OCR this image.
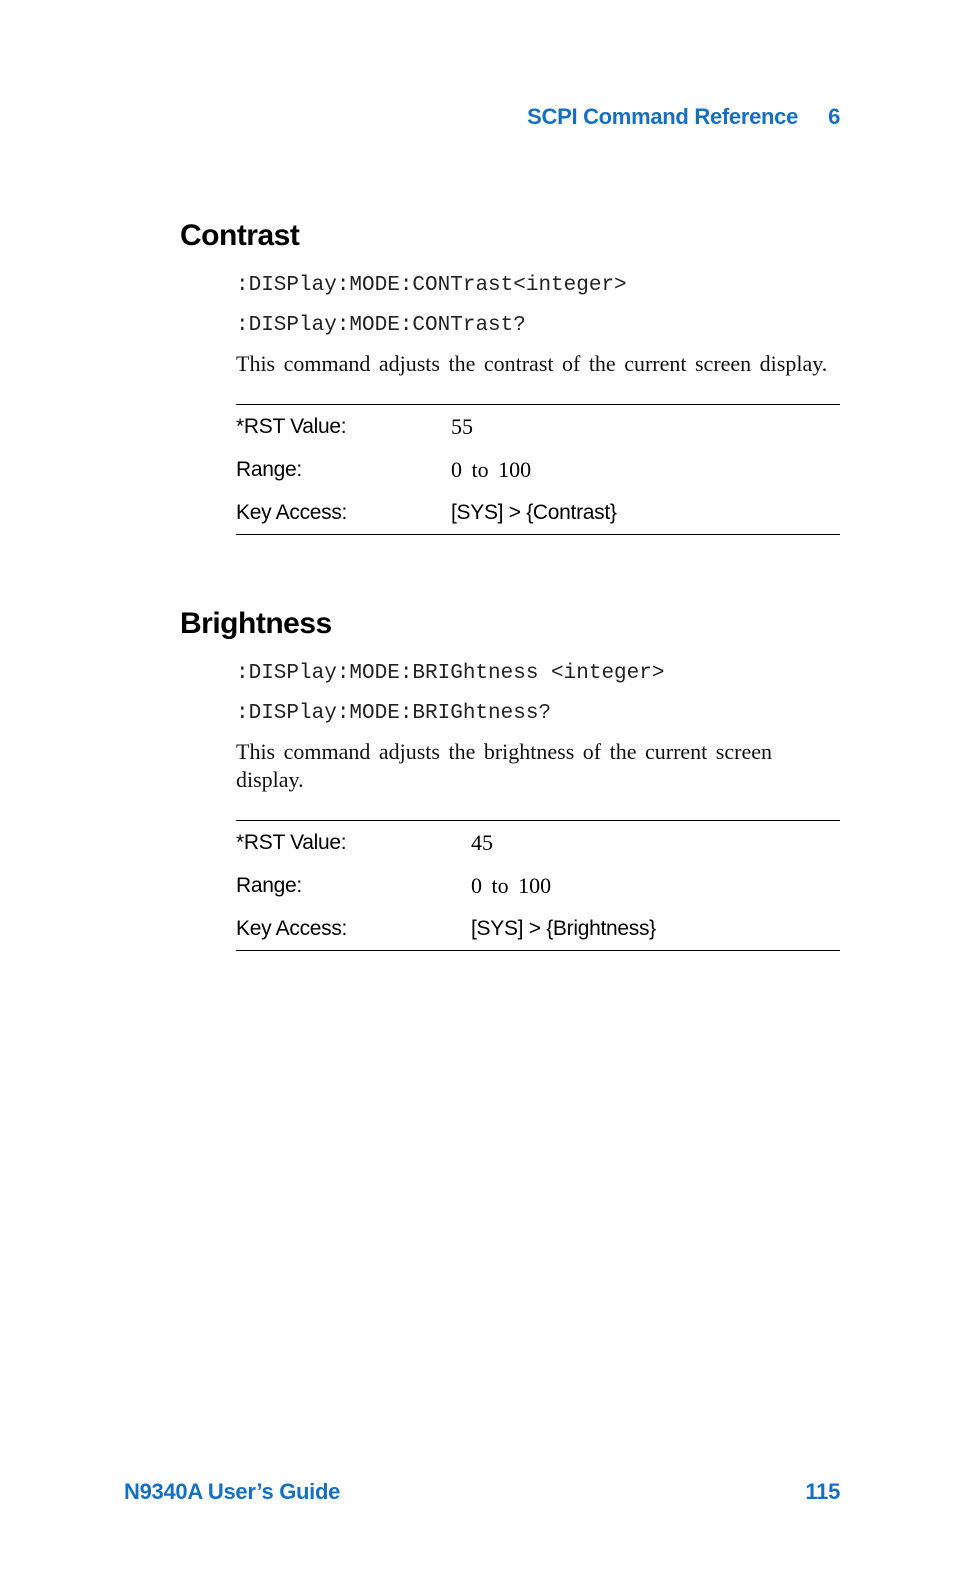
SCPI Command Reference 6
Contrast
:DISPlay:MODE:CONTrast<integer>
:DISPlay:MODE:CONTrast?
This command adjusts the contrast of the current screen display.
*RST Value:	55
Range:	0 to 100
Key Access:	[SYS] > {Contrast}
Brightness
:DISPlay:MODE:BRIGhtness <integer>
:DISPlay:MODE:BRIGhtness?
This command adjusts the brightness of the current screen display.
*RST Value:	45
Range:	0 to 100
Key Access:	[SYS] > {Brightness}
N9340A User’s Guide	115
